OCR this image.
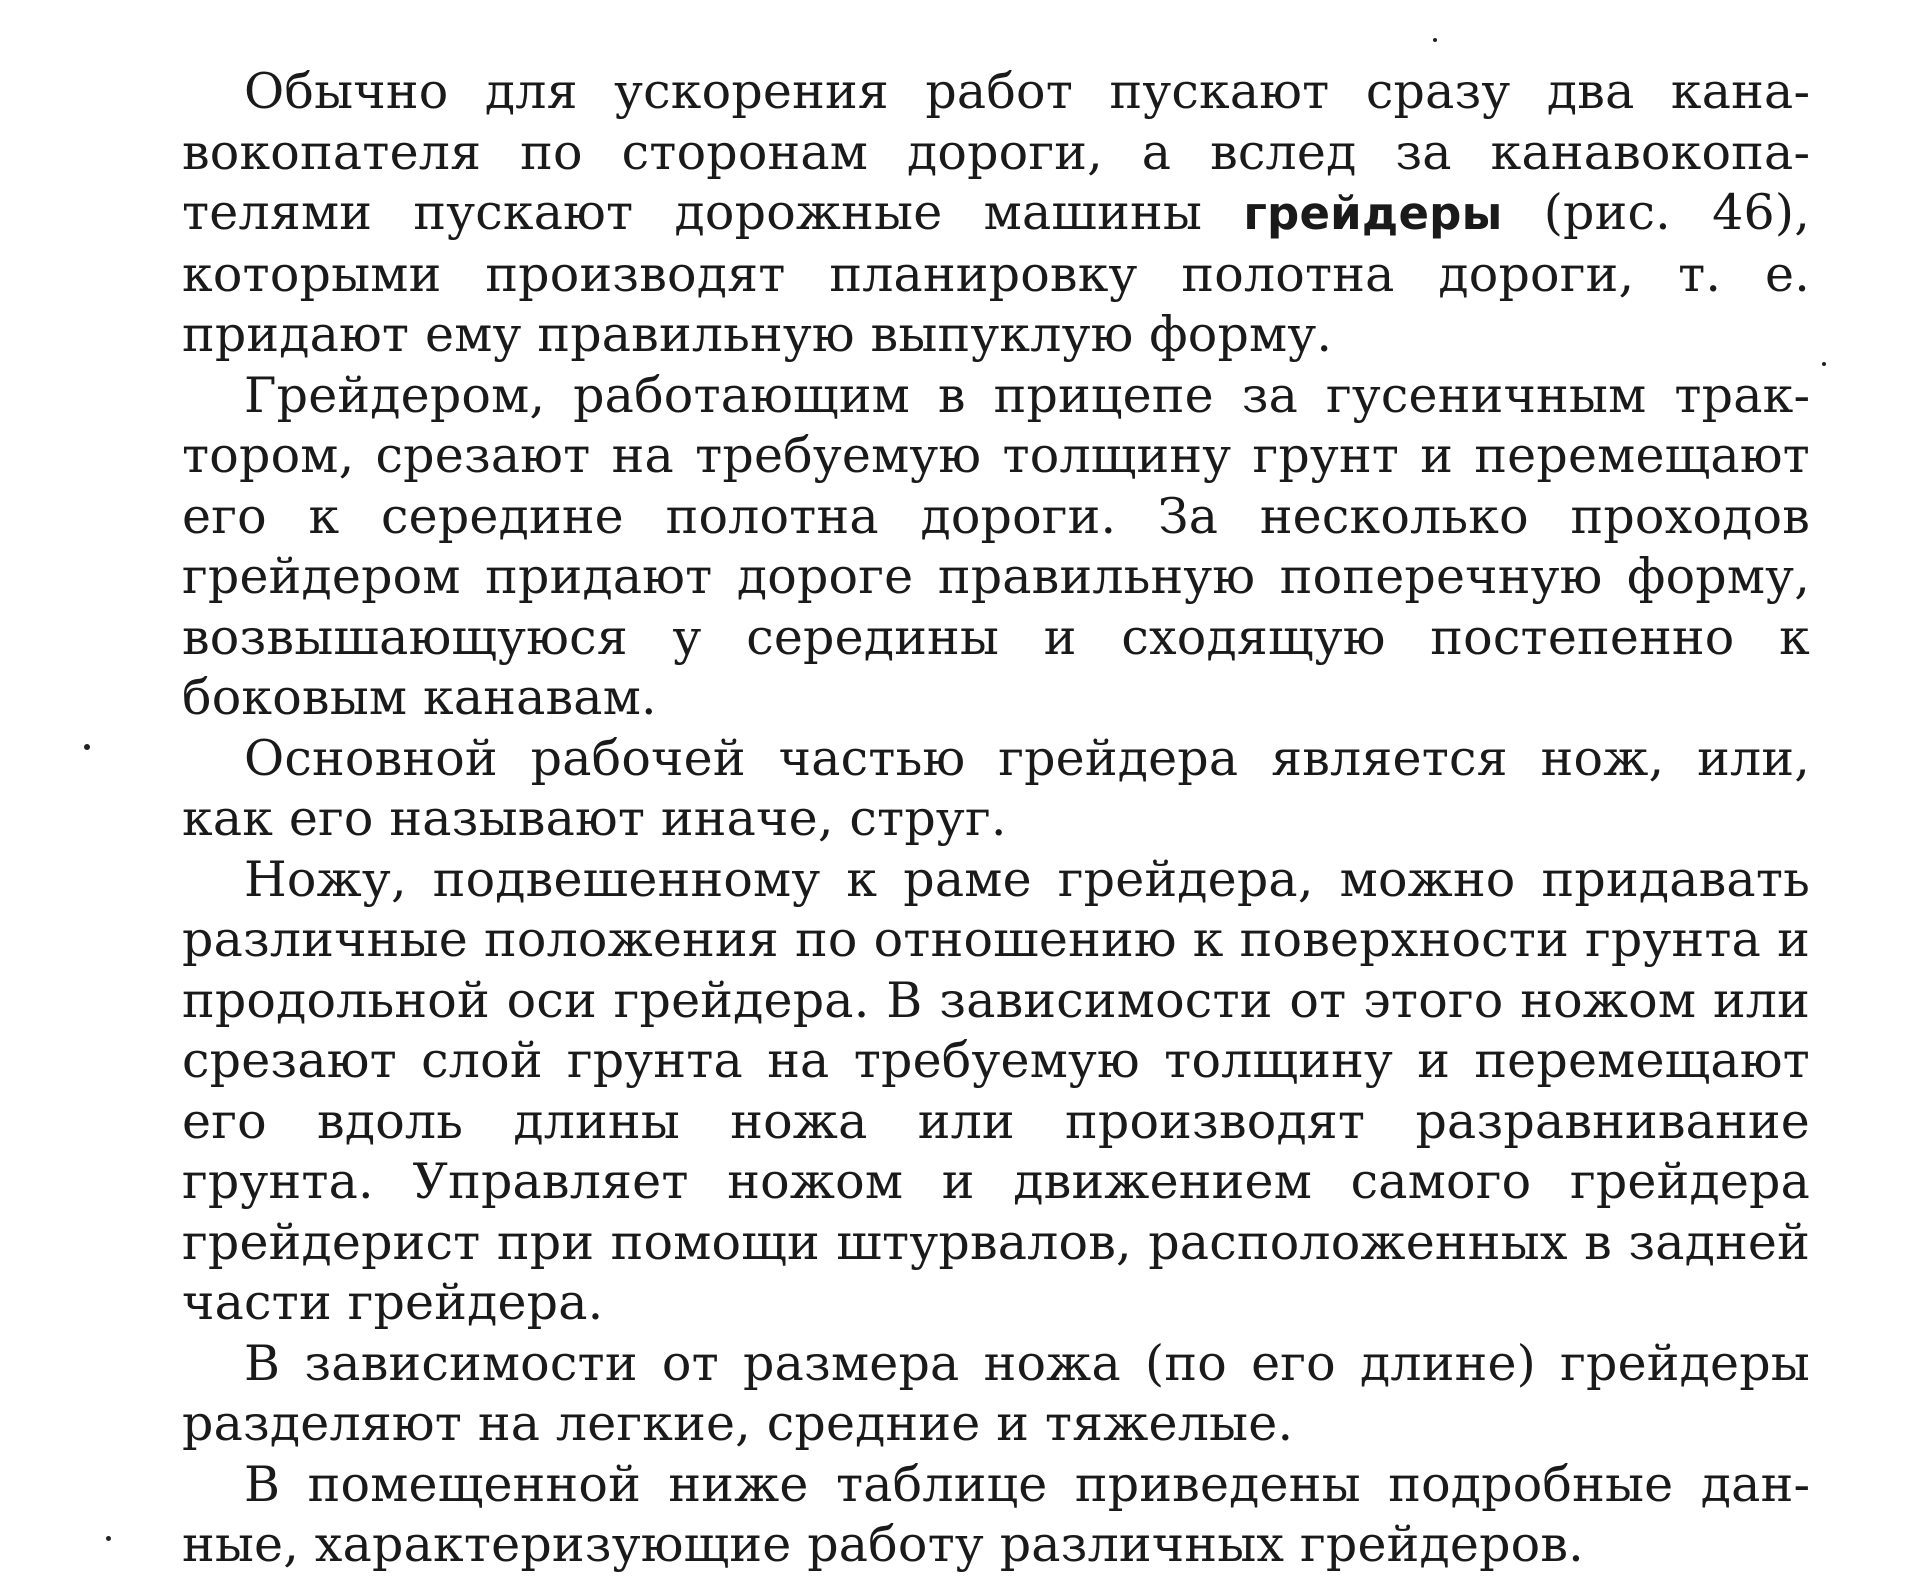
Обычно для ускорения работ пускают сразу два канавокопателя по сторонам дороги, а вслед за канавокопателями пускают дорожные машины грейдеры (рис. 46), которыми производят планировку полотна дороги, т. е. придают ему правильную выпуклую форму.

Грейдером, работающим в прицепе за гусеничным трактором, срезают на требуемую толщину грунт и перемещают его к середине полотна дороги. За несколько проходов грейдером придают дороге правильную поперечную форму, возвышающуюся у середины и сходящую постепенно к боковым канавам.

Основной рабочей частью грейдера является нож, или, как его называют иначе, струг.

Ножу, подвешенному к раме грейдера, можно придавать различные положения по отношению к поверхности грунта и продольной оси грейдера. В зависимости от этого ножом или срезают слой грунта на требуемую толщину и перемещают его вдоль длины ножа или производят разравнивание грунта. Управляет ножом и движением самого грейдера грейдерист при помощи штурвалов, расположенных в задней части грейдера.

В зависимости от размера ножа (по его длине) грейдеры разделяют на легкие, средние и тяжелые.

В помещенной ниже таблице приведены подробные данные, характеризующие работу различных грейдеров.
